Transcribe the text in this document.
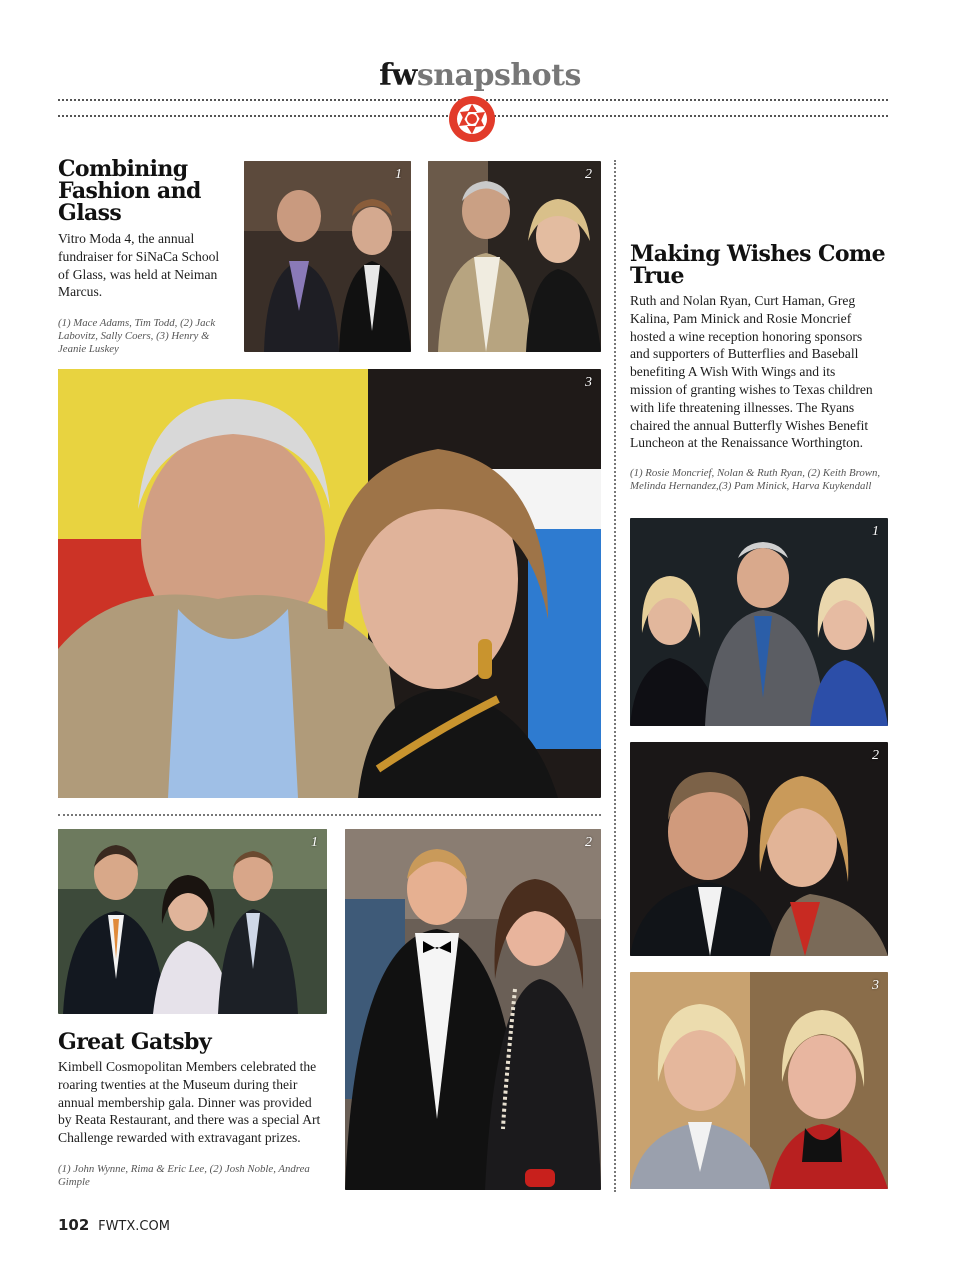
fwsnapshots
Combining Fashion and Glass
Vitro Moda 4, the annual fundraiser for SiNaCa School of Glass, was held at Neiman Marcus.
(1) Mace Adams, Tim Todd, (2) Jack Labovitz, Sally Coers, (3) Henry & Jeanie Luskey
1	2
3
Making Wishes Come True
Ruth and Nolan Ryan, Curt Haman, Greg Kalina, Pam Minick and Rosie Moncrief hosted a wine reception honoring sponsors and supporters of Butterflies and Baseball benefiting A Wish With Wings and its mission of granting wishes to Texas children with life threatening illnesses. The Ryans chaired the annual Butterfly Wishes Benefit Luncheon at the Renaissance Worthington.
(1) Rosie Moncrief, Nolan & Ruth Ryan, (2) Keith Brown, Melinda Hernandez,(3) Pam Minick, Harva Kuykendall
1
2
3
1	2
Great Gatsby
Kimbell Cosmopolitan Members celebrated the roaring twenties at the Museum during their annual membership gala. Dinner was provided by Reata Restaurant, and there was a special Art Challenge rewarded with extravagant prizes.
(1) John Wynne, Rima & Eric Lee, (2) Josh Noble, Andrea Gimple
102 FWTX.COM
